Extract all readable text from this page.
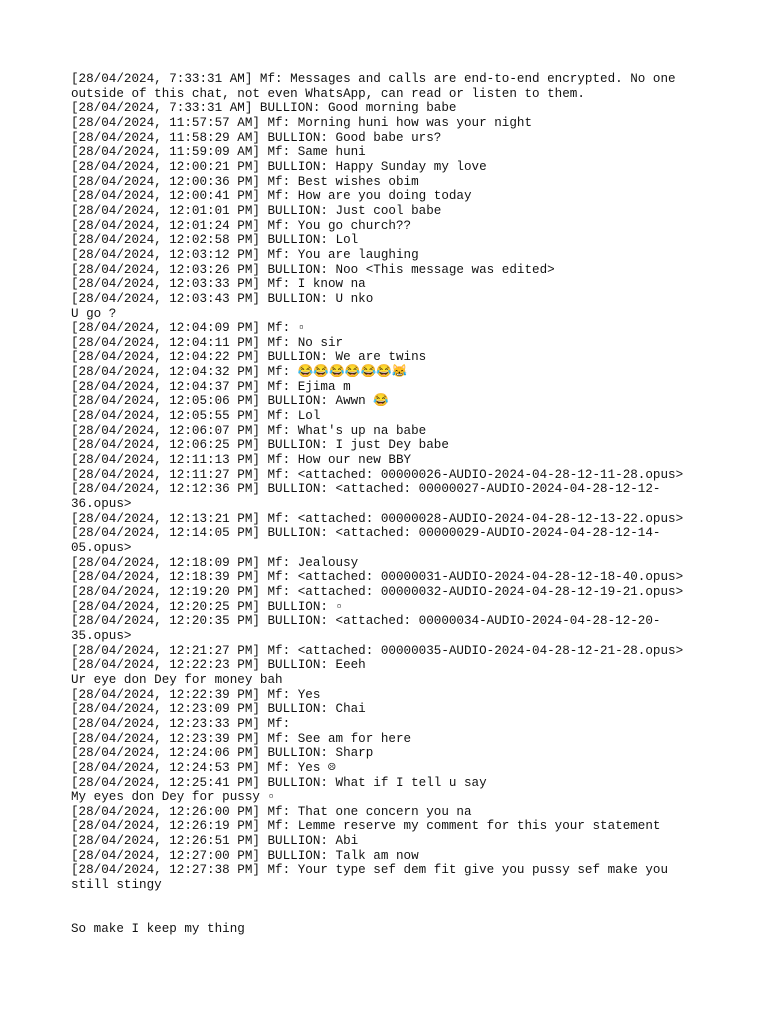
[28/04/2024, 7:33:31 AM] Mf: Messages and calls are end-to-end encrypted. No one
outside of this chat, not even WhatsApp, can read or listen to them.
[28/04/2024, 7:33:31 AM] BULLION: Good morning babe
[28/04/2024, 11:57:57 AM] Mf: Morning huni how was your night
[28/04/2024, 11:58:29 AM] BULLION: Good babe urs?
[28/04/2024, 11:59:09 AM] Mf: Same huni
[28/04/2024, 12:00:21 PM] BULLION: Happy Sunday my love
[28/04/2024, 12:00:36 PM] Mf: Best wishes obim
[28/04/2024, 12:00:41 PM] Mf: How are you doing today
[28/04/2024, 12:01:01 PM] BULLION: Just cool babe
[28/04/2024, 12:01:24 PM] Mf: You go church??
[28/04/2024, 12:02:58 PM] BULLION: Lol
[28/04/2024, 12:03:12 PM] Mf: You are laughing
[28/04/2024, 12:03:26 PM] BULLION: Noo <This message was edited>
[28/04/2024, 12:03:33 PM] Mf: I know na
[28/04/2024, 12:03:43 PM] BULLION: U nko
U go ?
[28/04/2024, 12:04:09 PM] Mf: ▫
[28/04/2024, 12:04:11 PM] Mf: No sir
[28/04/2024, 12:04:22 PM] BULLION: We are twins
[28/04/2024, 12:04:32 PM] Mf: 😂😂😂😂😂😂😹
[28/04/2024, 12:04:37 PM] Mf: Ejima m
[28/04/2024, 12:05:06 PM] BULLION: Awwn 😂
[28/04/2024, 12:05:55 PM] Mf: Lol
[28/04/2024, 12:06:07 PM] Mf: What's up na babe
[28/04/2024, 12:06:25 PM] BULLION: I just Dey babe
[28/04/2024, 12:11:13 PM] Mf: How our new BBY
[28/04/2024, 12:11:27 PM] Mf: <attached: 00000026-AUDIO-2024-04-28-12-11-28.opus>
[28/04/2024, 12:12:36 PM] BULLION: <attached: 00000027-AUDIO-2024-04-28-12-12-
36.opus>
[28/04/2024, 12:13:21 PM] Mf: <attached: 00000028-AUDIO-2024-04-28-12-13-22.opus>
[28/04/2024, 12:14:05 PM] BULLION: <attached: 00000029-AUDIO-2024-04-28-12-14-
05.opus>
[28/04/2024, 12:18:09 PM] Mf: Jealousy
[28/04/2024, 12:18:39 PM] Mf: <attached: 00000031-AUDIO-2024-04-28-12-18-40.opus>
[28/04/2024, 12:19:20 PM] Mf: <attached: 00000032-AUDIO-2024-04-28-12-19-21.opus>
[28/04/2024, 12:20:25 PM] BULLION: ▫
[28/04/2024, 12:20:35 PM] BULLION: <attached: 00000034-AUDIO-2024-04-28-12-20-
35.opus>
[28/04/2024, 12:21:27 PM] Mf: <attached: 00000035-AUDIO-2024-04-28-12-21-28.opus>
[28/04/2024, 12:22:23 PM] BULLION: Eeeh
Ur eye don Dey for money bah
[28/04/2024, 12:22:39 PM] Mf: Yes
[28/04/2024, 12:23:09 PM] BULLION: Chai
[28/04/2024, 12:23:33 PM] Mf:
[28/04/2024, 12:23:39 PM] Mf: See am for here
[28/04/2024, 12:24:06 PM] BULLION: Sharp
[28/04/2024, 12:24:53 PM] Mf: Yes ☹
[28/04/2024, 12:25:41 PM] BULLION: What if I tell u say
My eyes don Dey for pussy ▫
[28/04/2024, 12:26:00 PM] Mf: That one concern you na
[28/04/2024, 12:26:19 PM] Mf: Lemme reserve my comment for this your statement
[28/04/2024, 12:26:51 PM] BULLION: Abi
[28/04/2024, 12:27:00 PM] BULLION: Talk am now
[28/04/2024, 12:27:38 PM] Mf: Your type sef dem fit give you pussy sef make you
still stingy
So make I keep my thing
